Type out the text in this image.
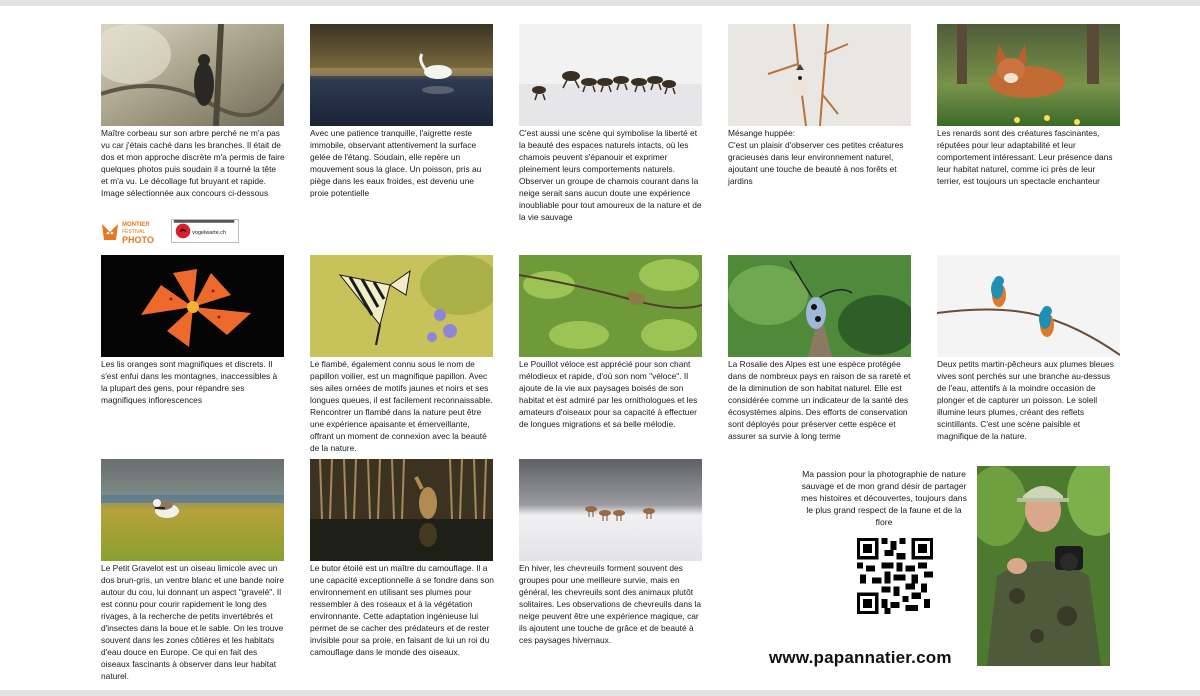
Maître corbeau sur son arbre perché ne m'a pas vu car j'étais caché dans les branches. Il était de dos et mon approche discrète m'a permis de faire quelques photos puis soudain il a tourné la tête et m'a vu. Le décollage fut bruyant et rapide. Image sélectionnée aux concours ci-dessous
Avec une patience tranquille, l'aigrette reste immobile, observant attentivement la surface gelée de l'étang. Soudain, elle repère un mouvement sous la glace. Un poisson, pris au piège dans les eaux froides, est devenu une proie potentielle
C'est aussi une scène qui symbolise la liberté et la beauté des espaces naturels intacts, où les chamois peuvent s'épanouir et exprimer pleinement leurs comportements naturels. Observer un groupe de chamois courant dans la neige serait sans aucun doute une expérience inoubliable pour tout amoureux de la nature et de la vie sauvage
Mésange huppée:
C'est un plaisir d'observer ces petites créatures gracieuses dans leur environnement naturel, ajoutant une touche de beauté à nos forêts et jardins
Les renards sont des créatures fascinantes, réputées pour leur adaptabilité et leur comportement intéressant. Leur présence dans leur habitat naturel, comme ici près de leur terrier, est toujours un spectacle enchanteur
MONTIER
FESTIVAL
PHOTO
vogelwarte.ch
Les lis oranges sont magnifiques et discrets. Il s'est enfui dans les montagnes, inaccessibles à la plupart des gens, pour répandre ses magnifiques inflorescences
Le flambé, également connu sous le nom de papillon voilier, est un magnifique papillon. Avec ses ailes ornées de motifs jaunes et noirs et ses longues queues, il est facilement reconnaissable. Rencontrer un flambé dans la nature peut être une expérience apaisante et émerveillante, offrant un moment de connexion avec la beauté de la nature.
Le Pouillot véloce est apprécié pour son chant mélodieux et rapide, d'où son nom "véloce". Il ajoute de la vie aux paysages boisés de son habitat et est admiré par les ornithologues et les amateurs d'oiseaux pour sa capacité à effectuer de longues migrations et sa belle mélodie.
La Rosalie des Alpes est une espèce protégée dans de nombreux pays en raison de sa rareté et de la diminution de son habitat naturel. Elle est considérée comme un indicateur de la santé des écosystèmes alpins. Des efforts de conservation sont déployés pour préserver cette espèce et assurer sa survie à long terme
Deux petits martin-pêcheurs aux plumes bleues vives sont perchés sur une branche au-dessus de l'eau, attentifs à la moindre occasion de plonger et de capturer un poisson. Le soleil illumine leurs plumes, créant des reflets scintillants. C'est une scène paisible et magnifique de la nature.
Le Petit Gravelot est un oiseau limicole avec un dos brun-gris, un ventre blanc et une bande noire autour du cou, lui donnant un aspect "gravelé". Il est connu pour courir rapidement le long des rivages, à la recherche de petits invertébrés et d'insectes dans la boue et le sable. On les trouve souvent dans les zones côtières et les habitats d'eau douce en Europe. Ce qui en fait des oiseaux fascinants à observer dans leur habitat naturel.
Le butor étoilé est un maître du camouflage. Il a une capacité exceptionnelle à se fondre dans son environnement en utilisant ses plumes pour ressembler à des roseaux et à la végétation environnante. Cette adaptation ingénieuse lui permet de se cacher des prédateurs et de rester invisible pour sa proie, en faisant de lui un roi du camouflage dans le monde des oiseaux.
En hiver, les chevreuils forment souvent des groupes pour une meilleure survie, mais en général, les chevreuils sont des animaux plutôt solitaires. Les observations de chevreuils dans la neige peuvent être une expérience magique, car ils ajoutent une touche de grâce et de beauté à ces paysages hivernaux.
Ma passion pour la photographie de nature sauvage et de mon grand désir de partager mes histoires et découvertes, toujours dans le plus grand respect de la faune et de la flore
www.papannatier.com
